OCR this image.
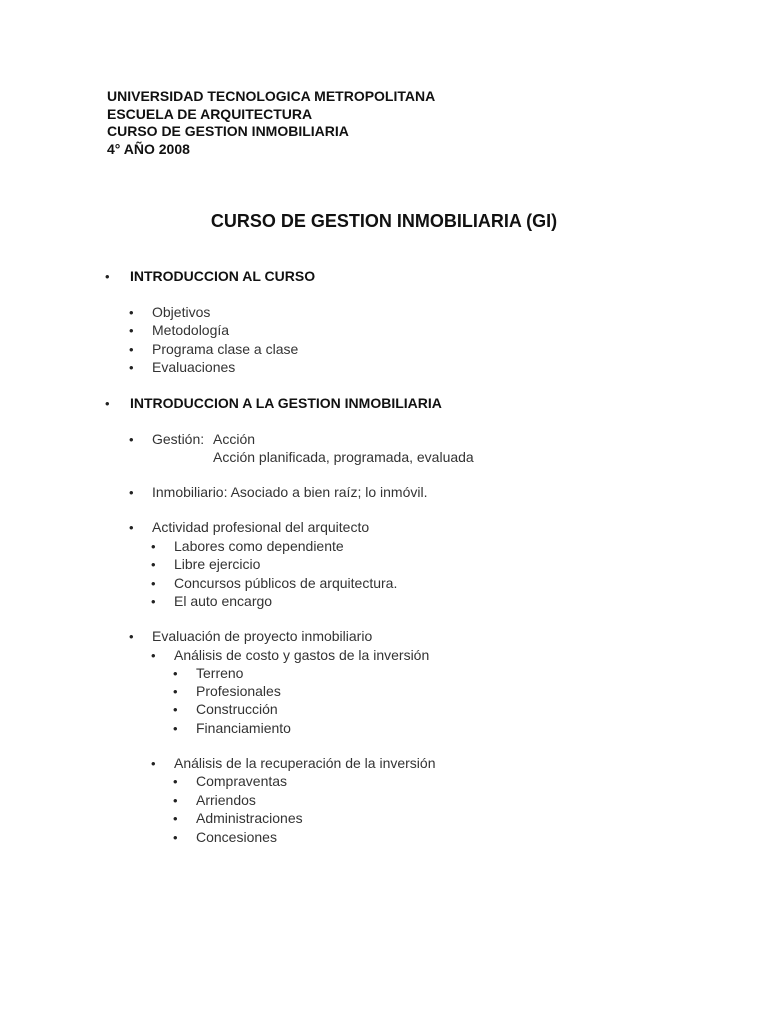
UNIVERSIDAD TECNOLOGICA METROPOLITANA
ESCUELA DE ARQUITECTURA
CURSO DE GESTION INMOBILIARIA
4° AÑO 2008
CURSO DE GESTION INMOBILIARIA (GI)
• INTRODUCCION AL CURSO
• Objetivos
• Metodología
• Programa clase a clase
• Evaluaciones
• INTRODUCCION A LA GESTION INMOBILIARIA
• Gestión: Acción
Acción planificada, programada, evaluada
• Inmobiliario: Asociado a bien raíz; lo inmóvil.
• Actividad profesional del arquitecto
• Labores como dependiente
• Libre ejercicio
• Concursos públicos de arquitectura.
• El auto encargo
• Evaluación de proyecto inmobiliario
• Análisis de costo y gastos de la inversión
• Terreno
• Profesionales
• Construcción
• Financiamiento
• Análisis de la recuperación de la inversión
• Compraventas
• Arriendos
• Administraciones
• Concesiones
